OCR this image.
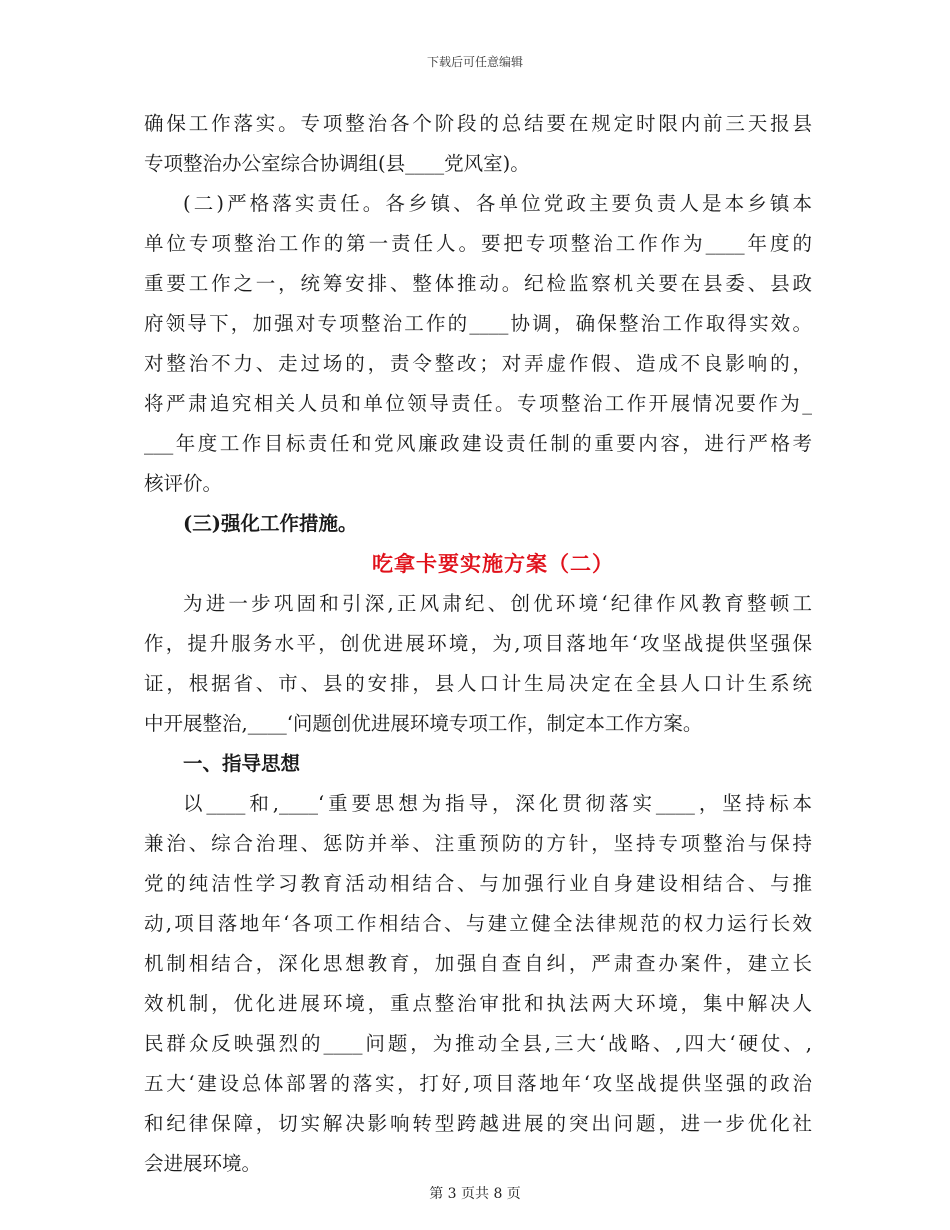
下载后可任意编辑
确保工作落实。专项整治各个阶段的总结要在规定时限内前三天报县
专项整治办公室综合协调组(县____党风室)。
(二)严格落实责任。各乡镇、各单位党政主要负责人是本乡镇本
单位专项整治工作的第一责任人。要把专项整治工作作为____年度的
重要工作之一，统筹安排、整体推动。纪检监察机关要在县委、县政
府领导下，加强对专项整治工作的____协调，确保整治工作取得实效。
对整治不力、走过场的，责令整改；对弄虚作假、造成不良影响的，
将严肃追究相关人员和单位领导责任。专项整治工作开展情况要作为_
___年度工作目标责任和党风廉政建设责任制的重要内容，进行严格考
核评价。
(三)强化工作措施。
吃拿卡要实施方案（二）
为进一步巩固和引深,正风肃纪、创优环境‘纪律作风教育整顿工
作，提升服务水平，创优进展环境，为,项目落地年‘攻坚战提供坚强保
证，根据省、市、县的安排，县人口计生局决定在全县人口计生系统
中开展整治,____‘问题创优进展环境专项工作，制定本工作方案。
一、指导思想
以____和,____‘重要思想为指导，深化贯彻落实____，坚持标本
兼治、综合治理、惩防并举、注重预防的方针，坚持专项整治与保持
党的纯洁性学习教育活动相结合、与加强行业自身建设相结合、与推
动,项目落地年‘各项工作相结合、与建立健全法律规范的权力运行长效
机制相结合，深化思想教育，加强自查自纠，严肃查办案件，建立长
效机制，优化进展环境，重点整治审批和执法两大环境，集中解决人
民群众反映强烈的____问题，为推动全县,三大‘战略、,四大‘硬仗、,
五大‘建设总体部署的落实，打好,项目落地年‘攻坚战提供坚强的政治
和纪律保障，切实解决影响转型跨越进展的突出问题，进一步优化社
会进展环境。
第 3 页共 8 页
